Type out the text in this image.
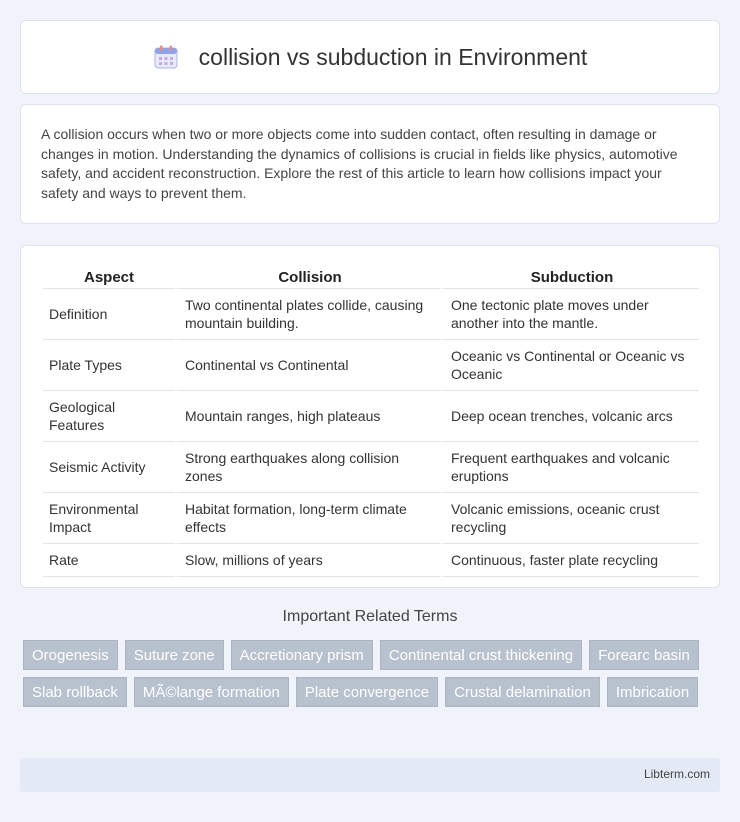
collision vs subduction in Environment

A collision occurs when two or more objects come into sudden contact, often resulting in damage or changes in motion. Understanding the dynamics of collisions is crucial in fields like physics, automotive safety, and accident reconstruction. Explore the rest of this article to learn how collisions impact your safety and ways to prevent them.

Aspect	Collision	Subduction
Definition	Two continental plates collide, causing mountain building.	One tectonic plate moves under another into the mantle.
Plate Types	Continental vs Continental	Oceanic vs Continental or Oceanic vs Oceanic
Geological Features	Mountain ranges, high plateaus	Deep ocean trenches, volcanic arcs
Seismic Activity	Strong earthquakes along collision zones	Frequent earthquakes and volcanic eruptions
Environmental Impact	Habitat formation, long-term climate effects	Volcanic emissions, oceanic crust recycling
Rate	Slow, millions of years	Continuous, faster plate recycling
Important Related Terms
Orogenesis	Suture zone	Accretionary prism	Continental crust thickening	Forearc basin
Slab rollback	MÃ©lange formation	Plate convergence	Crustal delamination	Imbrication
Libterm.com
